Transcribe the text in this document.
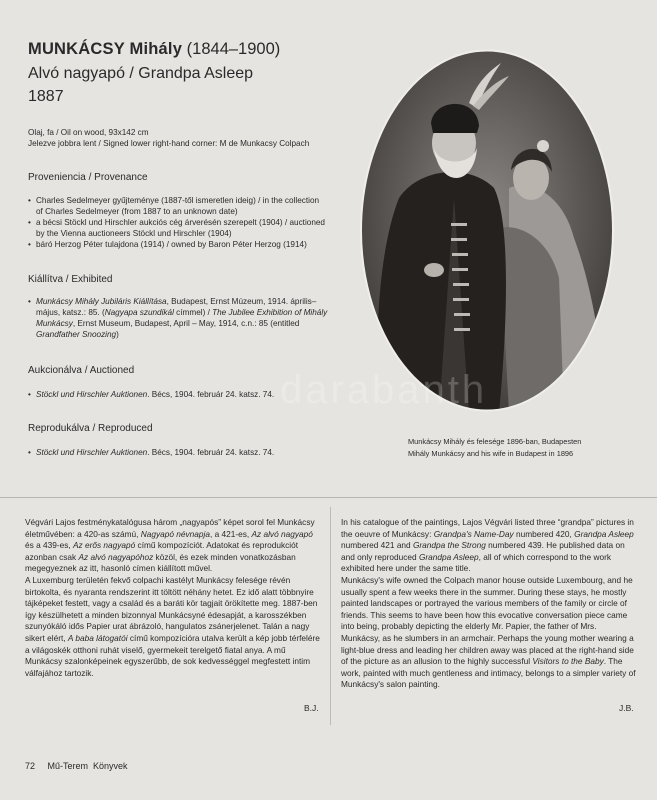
MUNKÁCSY Mihály (1844–1900)
Alvó nagyapó / Grandpa Asleep
1887
Olaj, fa / Oil on wood, 93x142 cm
Jelezve jobbra lent / Signed lower right-hand corner: M de Munkacsy Colpach
Proveniencia / Provenance
• Charles Sedelmeyer gyűjteménye (1887-től ismeretlen ideig) / in the collection of Charles Sedelmeyer (from 1887 to an unknown date)
• a bécsi Stöckl und Hirschler aukciós cég árverésén szerepelt (1904) / auctioned by the Vienna auctioneers Stöckl und Hirschler (1904)
• báró Herzog Péter tulajdona (1914) / owned by Baron Péter Herzog (1914)
Kiállítva / Exhibited
• Munkácsy Mihály Jubiláris Kiállítása, Budapest, Ernst Múzeum, 1914. április–május, katsz.: 85. (Nagyapa szundikál címmel) / The Jubilee Exhibition of Mihály Munkácsy, Ernst Museum, Budapest, April – May, 1914, c.n.: 85 (entitled Grandfather Snoozing)
Aukcionálva / Auctioned
• Stöckl und Hirschler Auktionen. Bécs, 1904. február 24. katsz. 74.
Reprodukálva / Reproduced
• Stöckl und Hirschler Auktionen. Bécs, 1904. február 24. katsz. 74.
darabanth
Munkácsy Mihály és felesége 1896-ban, Budapesten
Mihály Munkácsy and his wife in Budapest in 1896
Végvári Lajos festménykatalógusa három „nagyapós” képet sorol fel Munkácsy életművében: a 420-as számú, Nagyapó névnapja, a 421-es, Az alvó nagyapó és a 439-es, Az erős nagyapó című kompozíciót. Adatokat és reprodukciót azonban csak Az alvó nagyapóhoz közöl, és ezek minden vonatkozásban megegyeznek az itt, hasonló címen kiállított művel.
A Luxemburg területén fekvő colpachi kastélyt Munkácsy felesége révén birtokolta, és nyaranta rendszerint itt töltött néhány hetet. Ez idő alatt többnyire tájképeket festett, vagy a család és a baráti kör tagjait örökítette meg. 1887-ben így készülhetett a minden bizonnyal Munkácsyné édesapját, a karosszékben szunyókáló idős Papier urat ábrázoló, hangulatos zsánerjelenet. Talán a nagy sikert elért, A baba látogatói című kompozícióra utalva került a kép jobb térfelére a világoskék otthoni ruhát viselő, gyermekeit terelgető fiatal anya. A mű Munkácsy szalonképeinek egyszerűbb, de sok kedvességgel megfestett intim válfajához tartozik.
In his catalogue of the paintings, Lajos Végvári listed three “grandpa” pictures in the oeuvre of Munkácsy: Grandpa's Name-Day numbered 420, Grandpa Asleep numbered 421 and Grandpa the Strong numbered 439. He published data on and only reproduced Grandpa Asleep, all of which correspond to the work exhibited here under the same title.
Munkácsy's wife owned the Colpach manor house outside Luxembourg, and he usually spent a few weeks there in the summer. During these stays, he mostly painted landscapes or portrayed the various members of the family or circle of friends. This seems to have been how this evocative conversation piece came into being, probably depicting the elderly Mr. Papier, the father of Mrs. Munkácsy, as he slumbers in an armchair. Perhaps the young mother wearing a light-blue dress and leading her children away was placed at the right-hand side of the picture as an allusion to the highly successful Visitors to the Baby. The work, painted with much gentleness and intimacy, belongs to a simpler variety of Munkácsy's salon painting.
B.J.	J.B.
72 Mű-Terem  Könyvek
